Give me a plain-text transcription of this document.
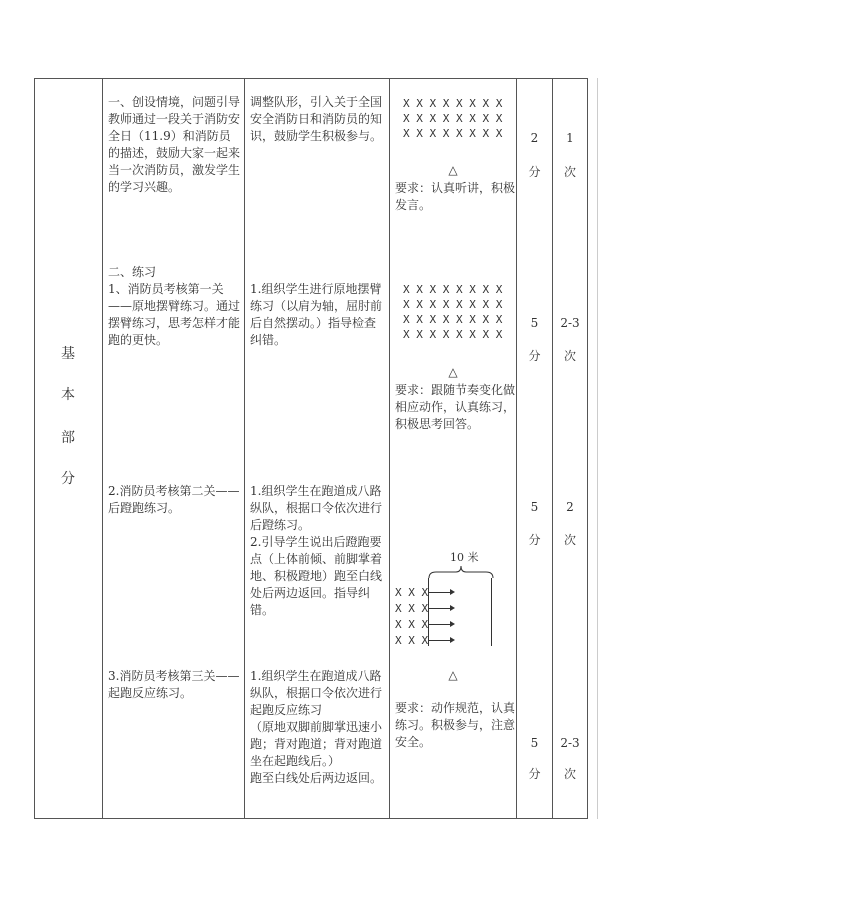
基
本
部
分
一、创设情境，问题引导
教师通过一段关于消防安全日（11.9）和消防员的描述，鼓励大家一起来当一次消防员，激发学生的学习兴趣。
调整队形，引入关于全国安全消防日和消防员的知识，鼓励学生积极参与。
X X X X X X X X
X X X X X X X X
X X X X X X X X
△
要求：认真听讲，积极发言。
2
分
1
次
二、练习
1、消防员考核第一关——原地摆臂练习。通过摆臂练习，思考怎样才能跑的更快。
1.组织学生进行原地摆臂练习（以肩为轴，屈肘前后自然摆动。）指导检查纠错。
X X X X X X X X
X X X X X X X X
X X X X X X X X
X X X X X X X X
△
要求：跟随节奏变化做相应动作，认真练习，积极思考回答。
5
分
2-3
次
2.消防员考核第二关——后蹬跑练习。
1.组织学生在跑道成八路纵队，根据口令依次进行后蹬练习。
2.引导学生说出后蹬跑要点（上体前倾、前脚掌着地、积极蹬地）跑至白线处后两边返回。指导纠错。
10 米
X X X
X X X
X X X
X X X
5
分
2
次
3.消防员考核第三关——起跑反应练习。
1.组织学生在跑道成八路纵队，根据口令依次进行起跑反应练习
（原地双脚前脚掌迅速小跑；背对跑道；背对跑道坐在起跑线后。）
跑至白线处后两边返回。
△
要求：动作规范，认真练习。积极参与，注意安全。	5
分
2-3
次
